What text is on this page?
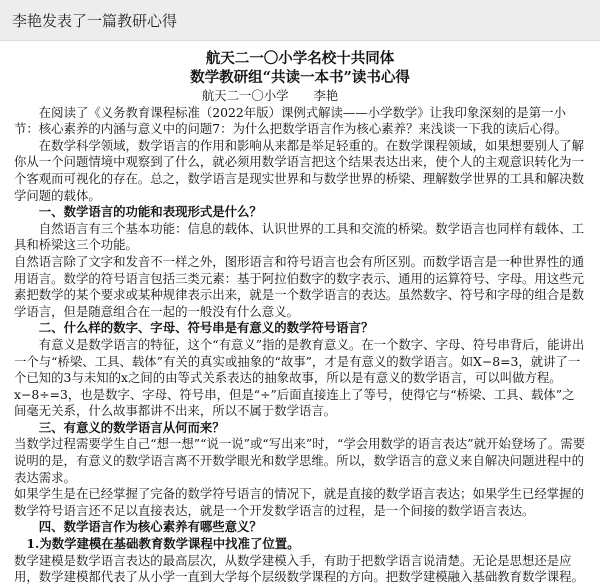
李艳发表了一篇教研心得
航天二一〇小学名校十共同体
数学教研组“共读一本书”读书心得
航天二一〇小学　　李艳

在阅读了《义务教育课程标准（2022年版）课例式解读——小学数学》让我印象深刻的是第一小节：核心素养的内涵与意义中的问题7：为什么把数学语言作为核心素养？来浅谈一下我的读后心得。

在数学科学领域，数学语言的作用和影响从来都是举足轻重的。在数学课程领域，如果想要别人了解你从一个问题情境中观察到了什么，就必须用数学语言把这个结果表达出来，使个人的主观意识转化为一个客观而可视化的存在。总之，数学语言是现实世界和与数学世界的桥梁、理解数学世界的工具和解决数学问题的载体。

一、数学语言的功能和表现形式是什么？

自然语言有三个基本功能：信息的载体、认识世界的工具和交流的桥梁。数学语言也同样有载体、工具和桥梁这三个功能。

自然语言除了文字和发音不一样之外，图形语言和符号语言也会有所区别。而数学语言是一种世界性的通用语言。数学的符号语言包括三类元素：基于阿拉伯数字的数字表示、通用的运算符号、字母。用这些元素把数学的某个要求或某种规律表示出来，就是一个数学语言的表达。虽然数字、符号和字母的组合是数学语言，但是随意组合在一起的一般没有什么意义。

二、什么样的数字、字母、符号串是有意义的数学符号语言？

有意义是数学语言的特征，这个“有意义”指的是教育意义。在一个数字、字母、符号串背后，能讲出一个与“桥梁、工具、载体”有关的真实或抽象的“故事”，才是有意义的数学语言。如X−8=3，就讲了一个已知的3与未知的x之间的由等式关系表达的抽象故事，所以是有意义的数学语言，可以叫做方程。x−8÷=3，也是数字、字母、符号串，但是“÷”后面直接连上了等号，使得它与“桥梁、工具、载体”之间毫无关系，什么故事都讲不出来，所以不属于数学语言。

三、有意义的数学语言从何而来？

当数学过程需要学生自己“想一想”“说一说”或“写出来”时，“学会用数学的语言表达”就开始登场了。需要说明的是，有意义的数学语言离不开数学眼光和数学思维。所以，数学语言的意义来自解决问题进程中的表达需求。

如果学生是在已经掌握了完备的数学符号语言的情况下，就是直接的数学语言表达；如果学生已经掌握的数学符号语言还不足以直接表达，就是一个开发数学语言的过程，是一个间接的数学语言表达。

四、数学语言作为核心素养有哪些意义？

1.为数学建模在基础教育数学课程中找准了位置。

数学建模是数学语言表达的最高层次，从数学建模入手，有助于把数学语言说清楚。无论是思想还是应用，数学建模都代表了从小学一直到大学每个层级数学课程的方向。把数学建模融入基础教育数学课程。
